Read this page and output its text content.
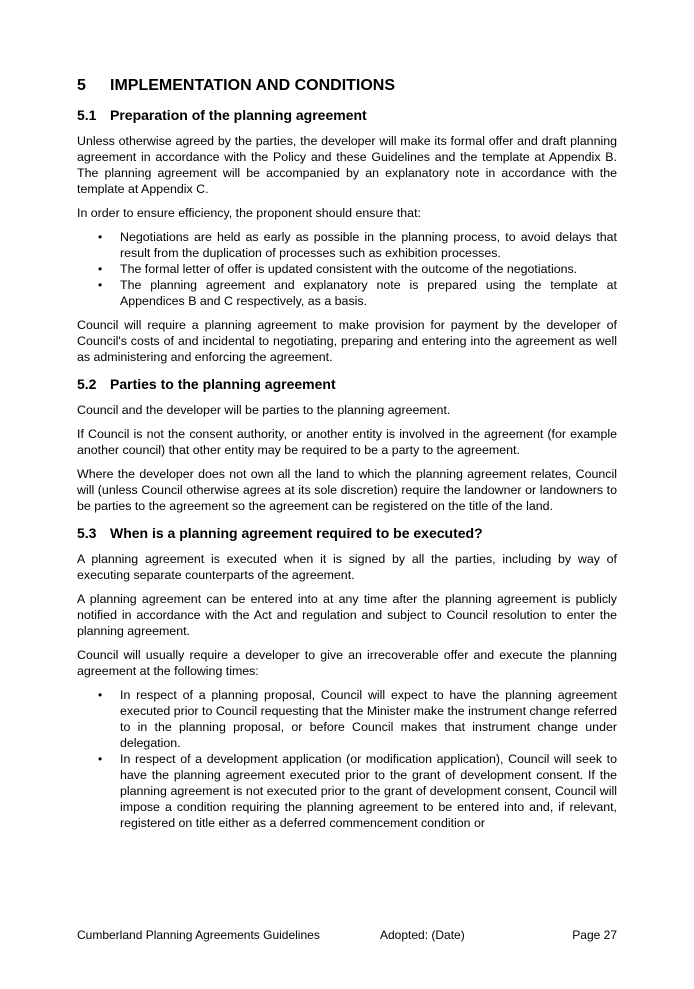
5	IMPLEMENTATION AND CONDITIONS
5.1 Preparation of the planning agreement

Unless otherwise agreed by the parties, the developer will make its formal offer and draft planning agreement in accordance with the Policy and these Guidelines and the template at Appendix B. The planning agreement will be accompanied by an explanatory note in accordance with the template at Appendix C.

In order to ensure efficiency, the proponent should ensure that:

• Negotiations are held as early as possible in the planning process, to avoid delays that result from the duplication of processes such as exhibition processes.
• The formal letter of offer is updated consistent with the outcome of the negotiations.
• The planning agreement and explanatory note is prepared using the template at Appendices B and C respectively, as a basis.

Council will require a planning agreement to make provision for payment by the developer of Council's costs of and incidental to negotiating, preparing and entering into the agreement as well as administering and enforcing the agreement.

5.2 Parties to the planning agreement

Council and the developer will be parties to the planning agreement.

If Council is not the consent authority, or another entity is involved in the agreement (for example another council) that other entity may be required to be a party to the agreement.

Where the developer does not own all the land to which the planning agreement relates, Council will (unless Council otherwise agrees at its sole discretion) require the landowner or landowners to be parties to the agreement so the agreement can be registered on the title of the land.

5.3 When is a planning agreement required to be executed?

A planning agreement is executed when it is signed by all the parties, including by way of executing separate counterparts of the agreement.

A planning agreement can be entered into at any time after the planning agreement is publicly notified in accordance with the Act and regulation and subject to Council resolution to enter the planning agreement.

Council will usually require a developer to give an irrecoverable offer and execute the planning agreement at the following times:

• In respect of a planning proposal, Council will expect to have the planning agreement executed prior to Council requesting that the Minister make the instrument change referred to in the planning proposal, or before Council makes that instrument change under delegation.
• In respect of a development application (or modification application), Council will seek to have the planning agreement executed prior to the grant of development consent. If the planning agreement is not executed prior to the grant of development consent, Council will impose a condition requiring the planning agreement to be entered into and, if relevant, registered on title either as a deferred commencement condition or
Cumberland Planning Agreements Guidelines	Adopted: (Date)	Page 27
